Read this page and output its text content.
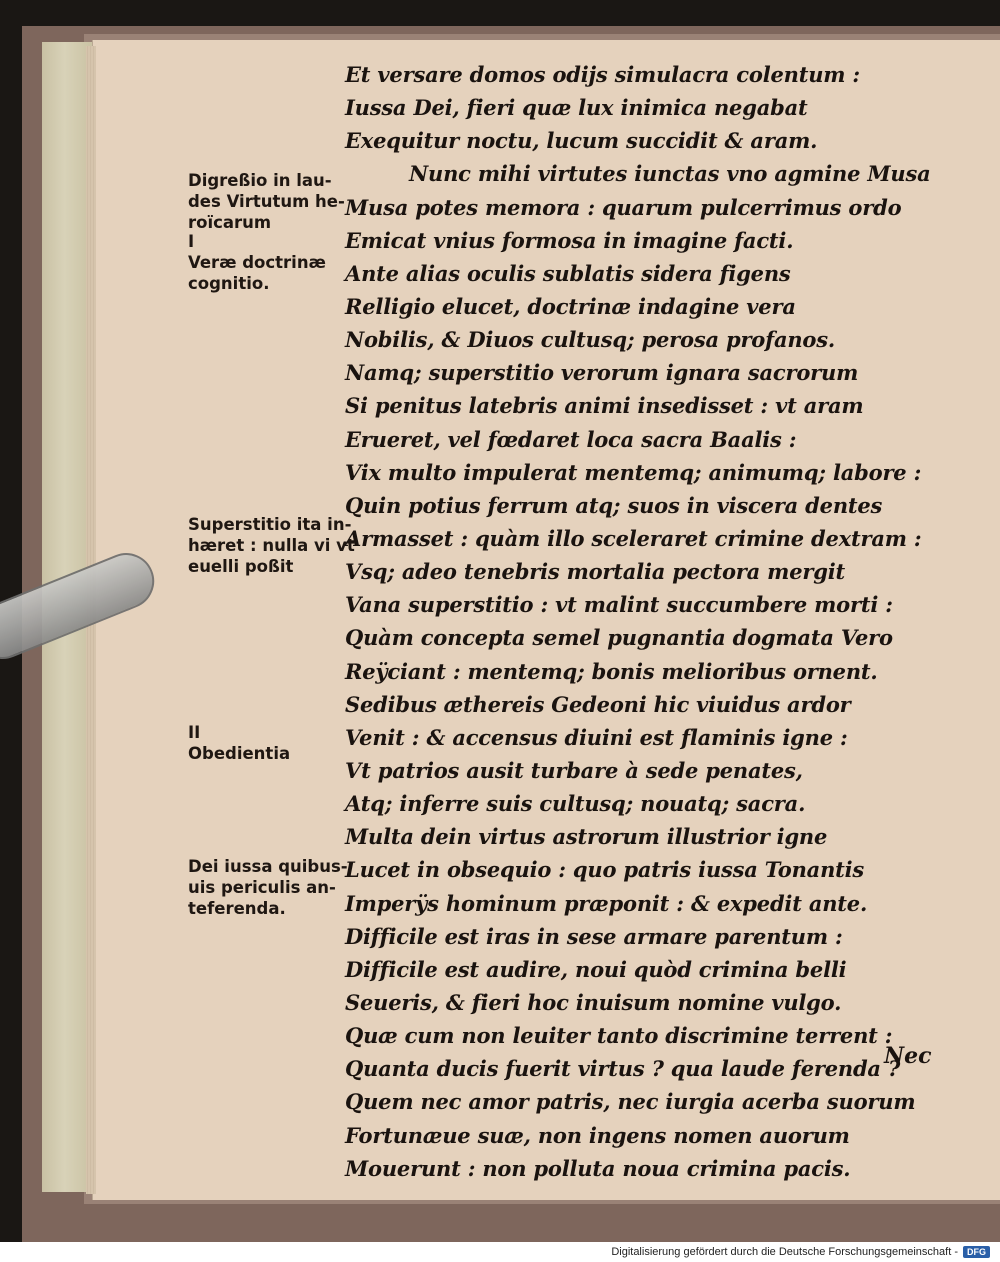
Et versare domos odijs simulacra colentum :
Iussa Dei, fieri quæ lux inimica negabat
Exequitur noctu, lucum succidit & aram.
Nunc mihi virtutes iunctas vno agmine Musa
Musa potes memora : quarum pulcerrimus ordo
Emicat vnius formosa in imagine facti.
Ante alias oculis sublatis sidera figens
Relligio elucet, doctrinæ indagine vera
Nobilis, & Diuos cultusq; perosa profanos.
Namq; superstitio verorum ignara sacrorum
Si penitus latebris animi insedisset : vt aram
Erueret, vel fœdaret loca sacra Baalis :
Vix multo impulerat mentemq; animumq; labore :
Quin potius ferrum atq; suos in viscera dentes
Armasset : quàm illo sceleraret crimine dextram :
Vsq; adeo tenebris mortalia pectora mergit
Vana superstitio : vt malint succumbere morti :
Quàm concepta semel pugnantia dogmata Vero
Reÿciant : mentemq; bonis melioribus ornent.
Sedibus æthereis Gedeoni hic viuidus ardor
Venit : & accensus diuini est flaminis igne :
Vt patrios ausit turbare à sede penates,
Atq; inferre suis cultusq; nouatq; sacra.
Multa dein virtus astrorum illustrior igne
Lucet in obsequio : quo patris iussa Tonantis
Imperÿs hominum præponit : & expedit ante.
Difficile est iras in sese armare parentum :
Difficile est audire, noui quòd crimina belli
Seueris, & fieri hoc inuisum nomine vulgo.
Quæ cum non leuiter tanto discrimine terrent :
Quanta ducis fuerit virtus ? qua laude ferenda ?
Quem nec amor patris, nec iurgia acerba suorum
Fortunæue suæ, non ingens nomen auorum
Mouerunt : non polluta noua crimina pacis.

Digreßio in lau-
des Virtutum he-
roïcarum

I
Veræ doctrinæ
cognitio.

Superstitio ita in-
hæret : nulla vi vt
euelli poßit

II
Obedientia

Dei iussa quibus-
uis periculis an-
teferenda.

Nec
Digitalisierung gefördert durch die Deutsche Forschungsgemeinschaft -	DFG
